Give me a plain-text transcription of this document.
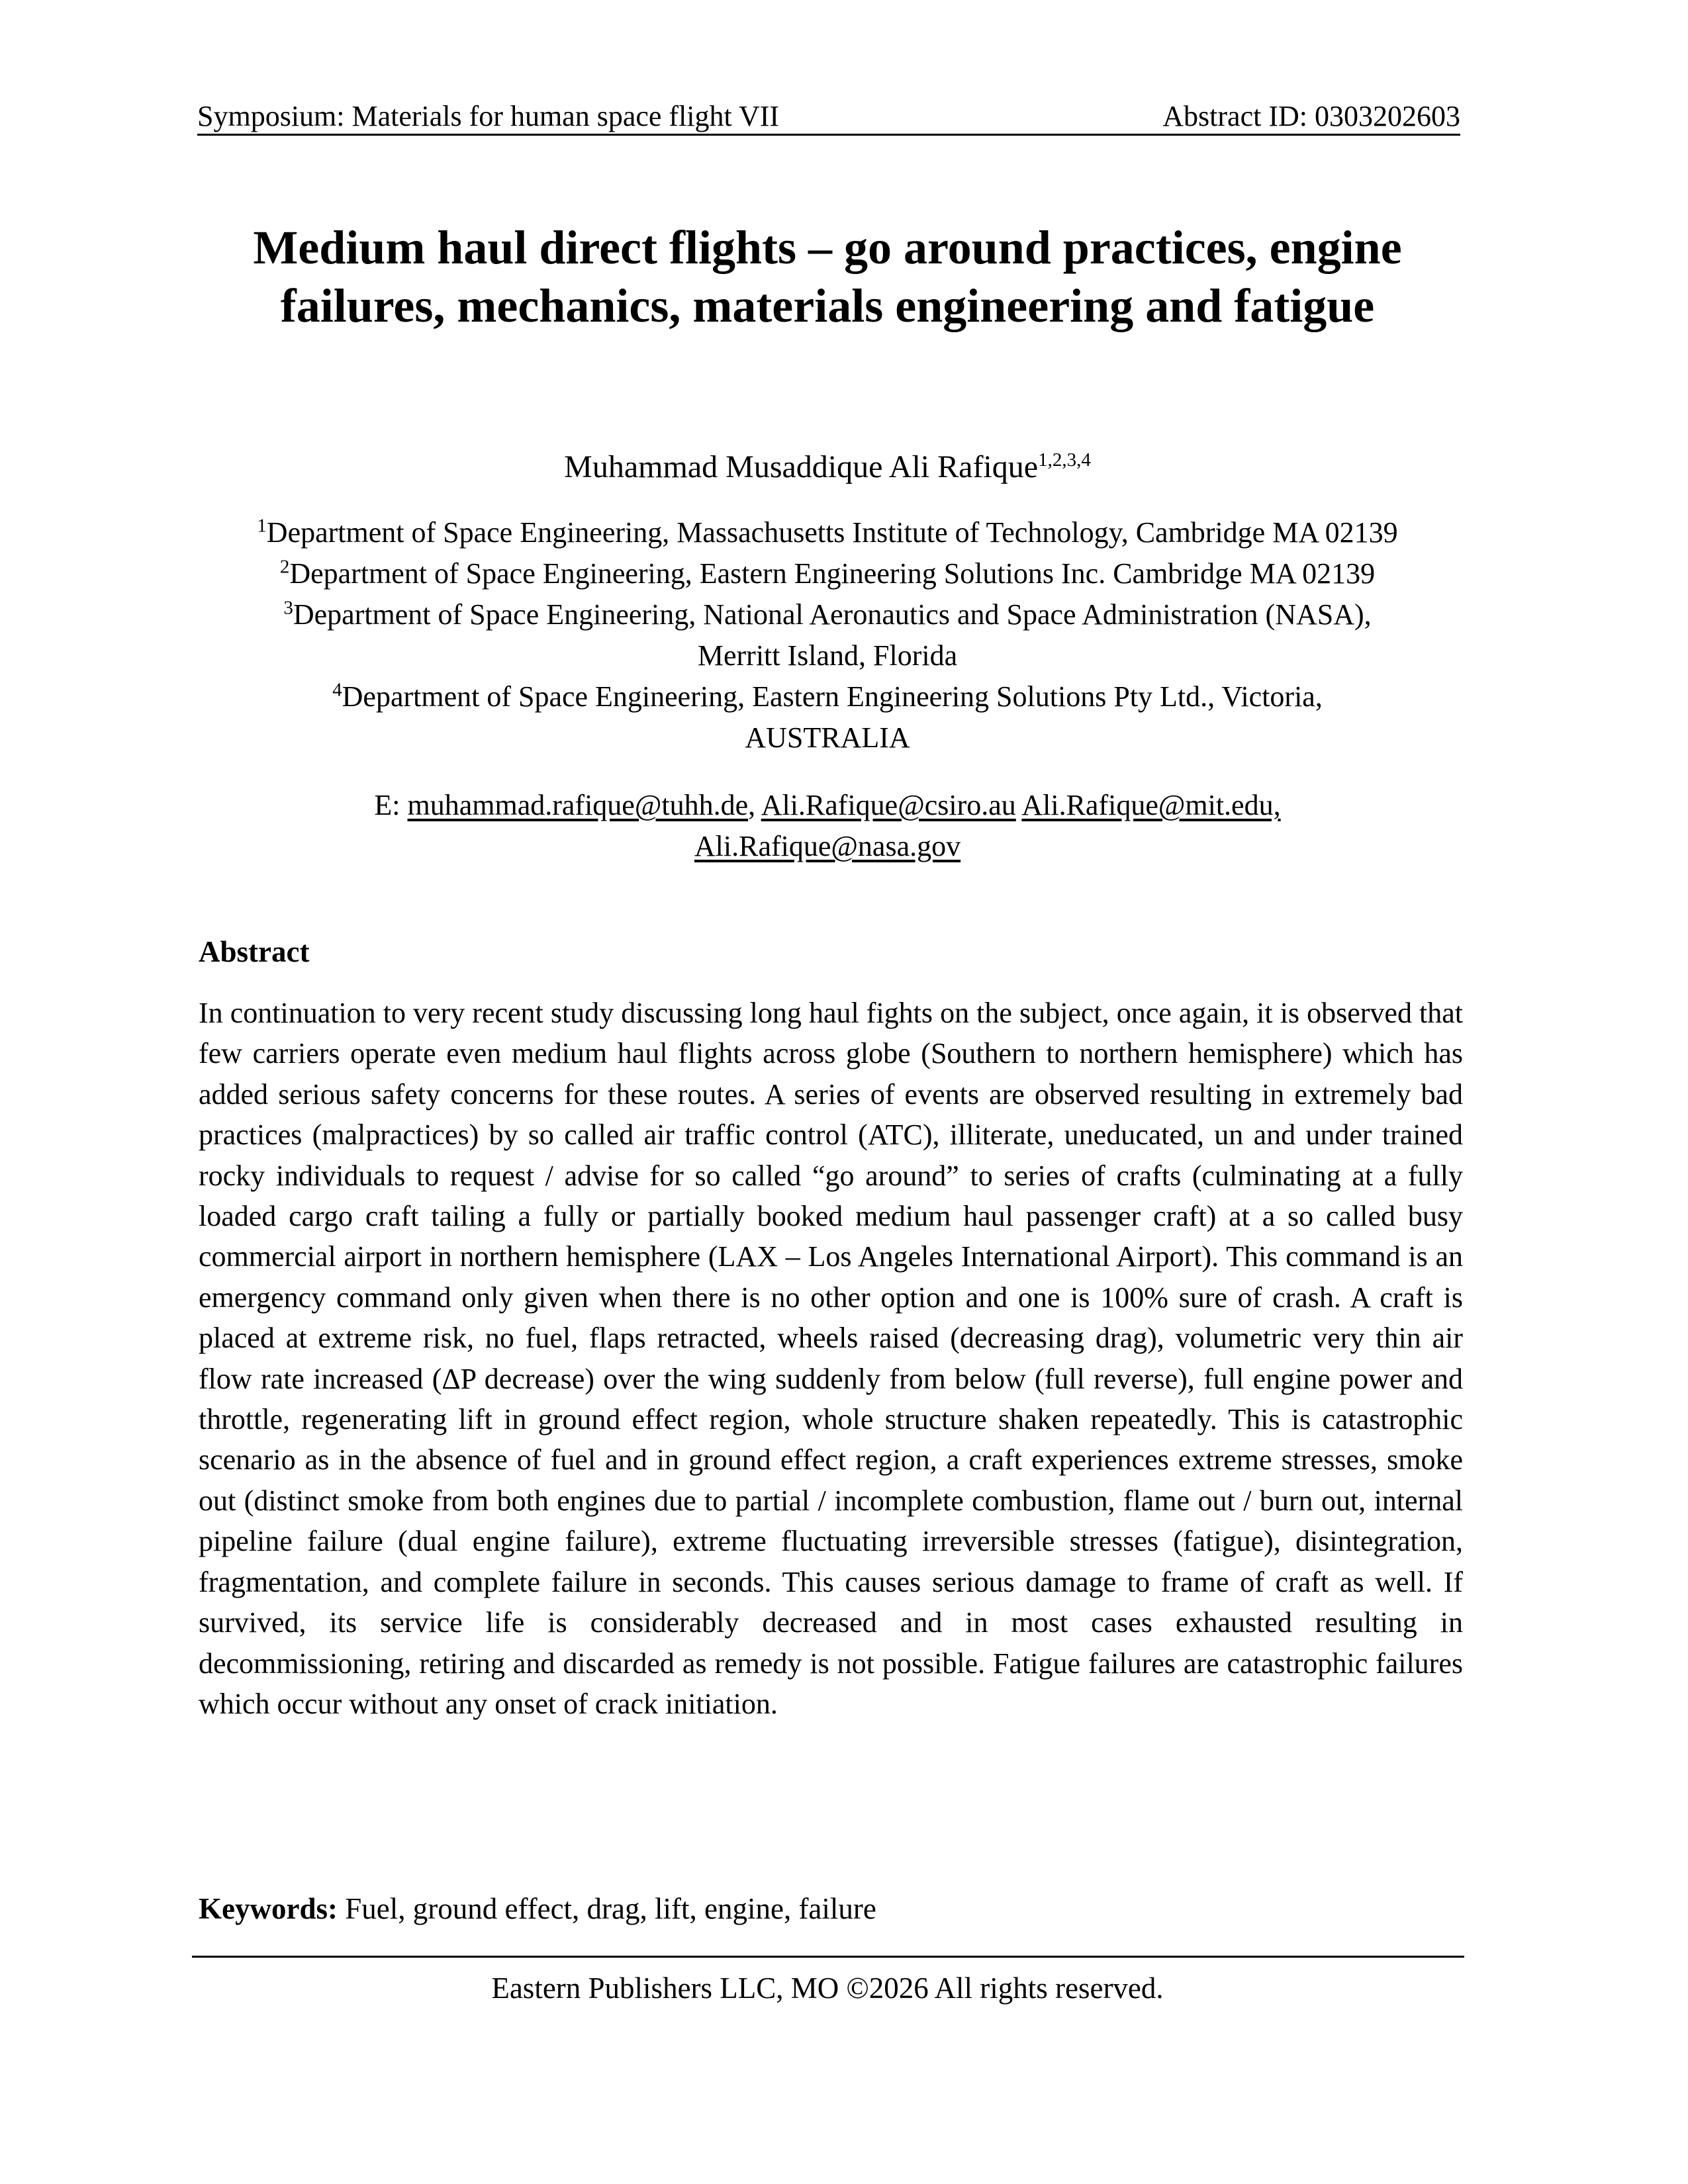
Symposium: Materials for human space flight VII	Abstract ID: 0303202603
Medium haul direct flights – go around practices, engine
failures, mechanics, materials engineering and fatigue
Muhammad Musaddique Ali Rafique$^{1,2,3,4}$
$^1$Department of Space Engineering, Massachusetts Institute of Technology, Cambridge MA 02139
$^2$Department of Space Engineering, Eastern Engineering Solutions Inc. Cambridge MA 02139
$^3$Department of Space Engineering, National Aeronautics and Space Administration (NASA),
Merritt Island, Florida
$^4$Department of Space Engineering, Eastern Engineering Solutions Pty Ltd., Victoria,
AUSTRALIA
E: muhammad.rafique@tuhh.de, Ali.Rafique@csiro.au Ali.Rafique@mit.edu,
Ali.Rafique@nasa.gov
Abstract
In continuation to very recent study discussing long haul fights on the subject, once again, it is observed that few carriers operate even medium haul flights across globe (Southern to northern hemisphere) which has added serious safety concerns for these routes. A series of events are observed resulting in extremely bad practices (malpractices) by so called air traffic control (ATC), illiterate, uneducated, un and under trained rocky individuals to request / advise for so called “go around” to series of crafts (culminating at a fully loaded cargo craft tailing a fully or partially booked medium haul passenger craft) at a so called busy commercial airport in northern hemisphere (LAX – Los Angeles International Airport). This command is an emergency command only given when there is no other option and one is 100% sure of crash. A craft is placed at extreme risk, no fuel, flaps retracted, wheels raised (decreasing drag), volumetric very thin air flow rate increased (ΔP decrease) over the wing suddenly from below (full reverse), full engine power and throttle, regenerating lift in ground effect region, whole structure shaken repeatedly. This is catastrophic scenario as in the absence of fuel and in ground effect region, a craft experiences extreme stresses, smoke out (distinct smoke from both engines due to partial / incomplete combustion, flame out / burn out, internal pipeline failure (dual engine failure), extreme fluctuating irreversible stresses (fatigue), disintegration, fragmentation, and complete failure in seconds. This causes serious damage to frame of craft as well. If survived, its service life is considerably decreased and in most cases exhausted resulting in decommissioning, retiring and discarded as remedy is not possible. Fatigue failures are catastrophic failures which occur without any onset of crack initiation.
Keywords: Fuel, ground effect, drag, lift, engine, failure
Eastern Publishers LLC, MO ©2026 All rights reserved.
